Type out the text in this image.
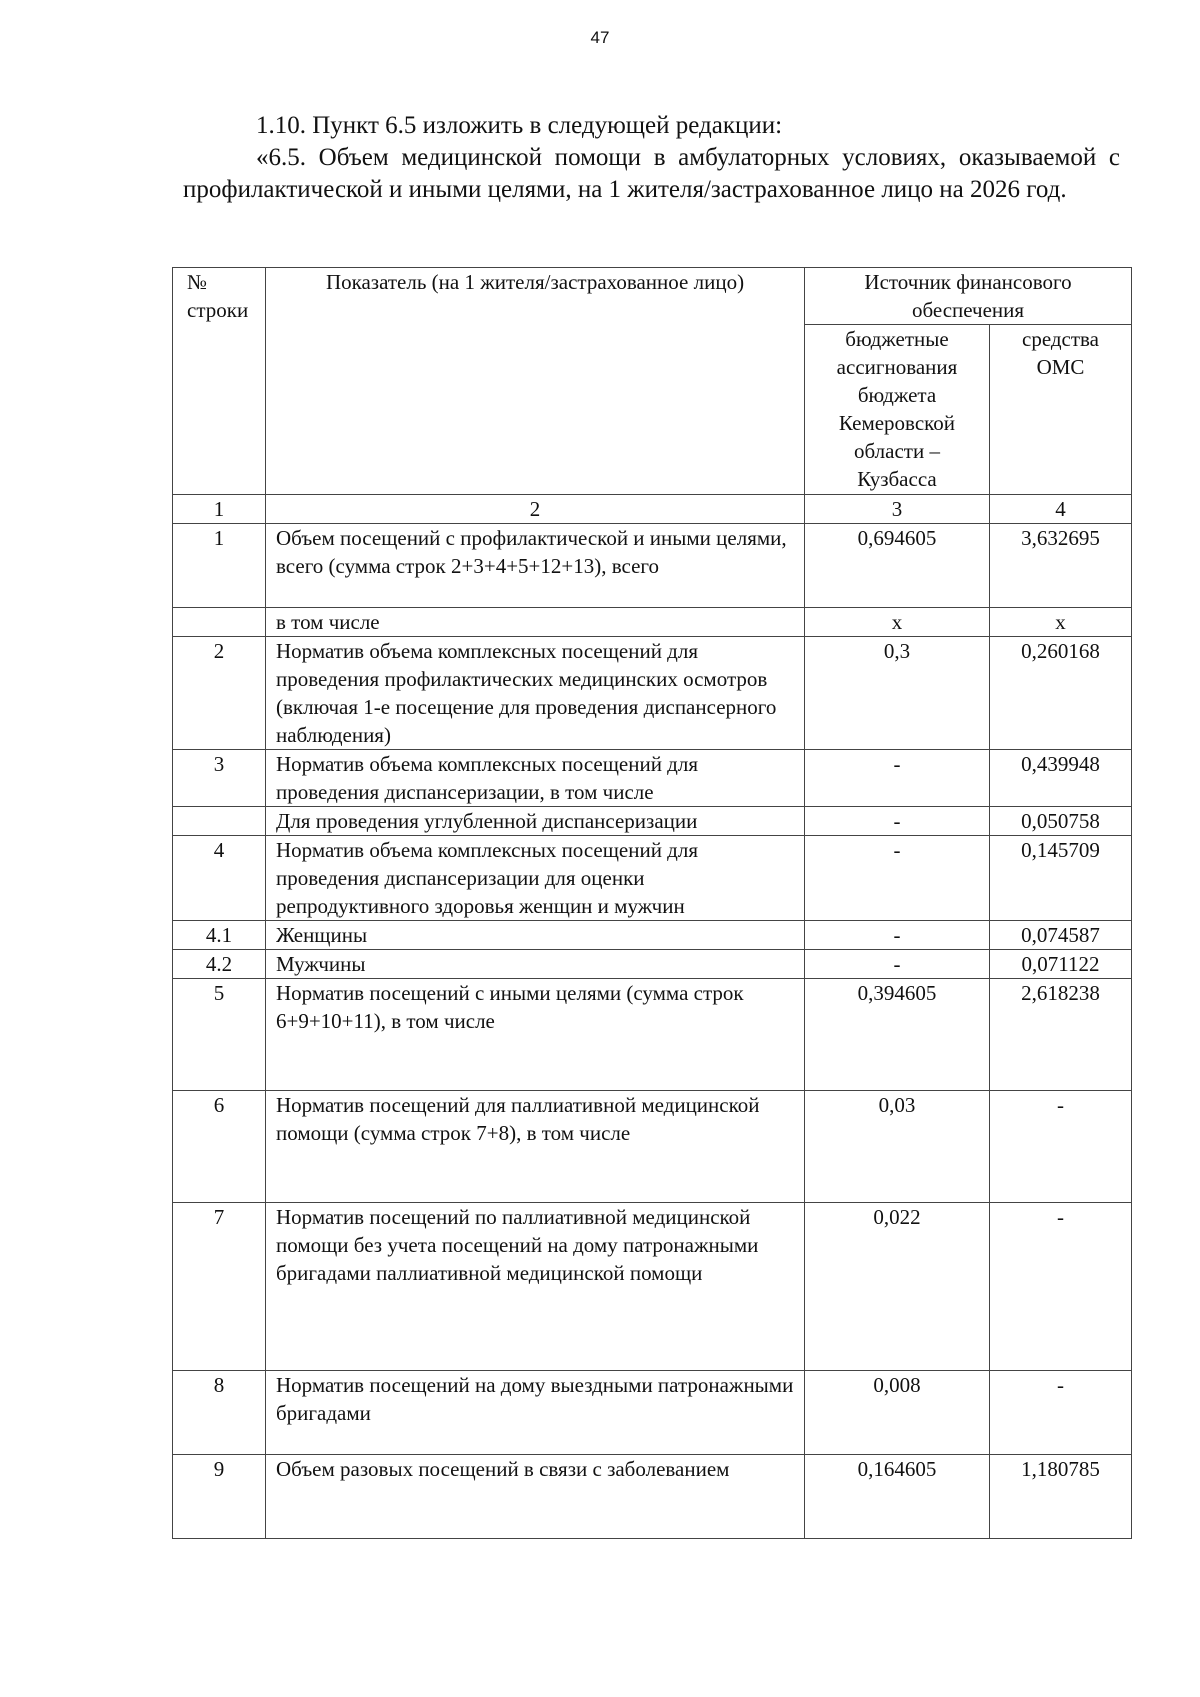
47
1.10. Пункт 6.5 изложить в следующей редакции:
«6.5. Объем медицинской помощи в амбулаторных условиях, оказываемой с профилактической и иными целями, на 1 жителя/застрахованное лицо на 2026 год.
№ строки	Показатель (на 1 жителя/застрахованное лицо)	Источник финансового обеспечения	
		бюджетные ассигнования бюджета Кемеровской области – Кузбасса	средства ОМС
1	2	3	4
1	Объем посещений с профилактической и иными целями, всего (сумма строк 2+3+4+5+12+13), всего	0,694605	3,632695
	в том числе	х	х
2	Норматив объема комплексных посещений для проведения профилактических медицинских осмотров (включая 1-е посещение для проведения диспансерного наблюдения)	0,3	0,260168
3	Норматив объема комплексных посещений для проведения диспансеризации, в том числе	-	0,439948
	Для проведения углубленной диспансеризации	-	0,050758
4	Норматив объема комплексных посещений для проведения диспансеризации для оценки репродуктивного здоровья женщин и мужчин	-	0,145709
4.1	Женщины	-	0,074587
4.2	Мужчины	-	0,071122
5	Норматив посещений с иными целями (сумма строк 6+9+10+11), в том числе	0,394605	2,618238
6	Норматив посещений для паллиативной медицинской помощи (сумма строк 7+8), в том числе	0,03	-
7	Норматив посещений по паллиативной медицинской помощи без учета посещений на дому патронажными бригадами паллиативной медицинской помощи	0,022	-
8	Норматив посещений на дому выездными патронажными бригадами	0,008	-
9	Объем разовых посещений в связи с заболеванием	0,164605	1,180785
